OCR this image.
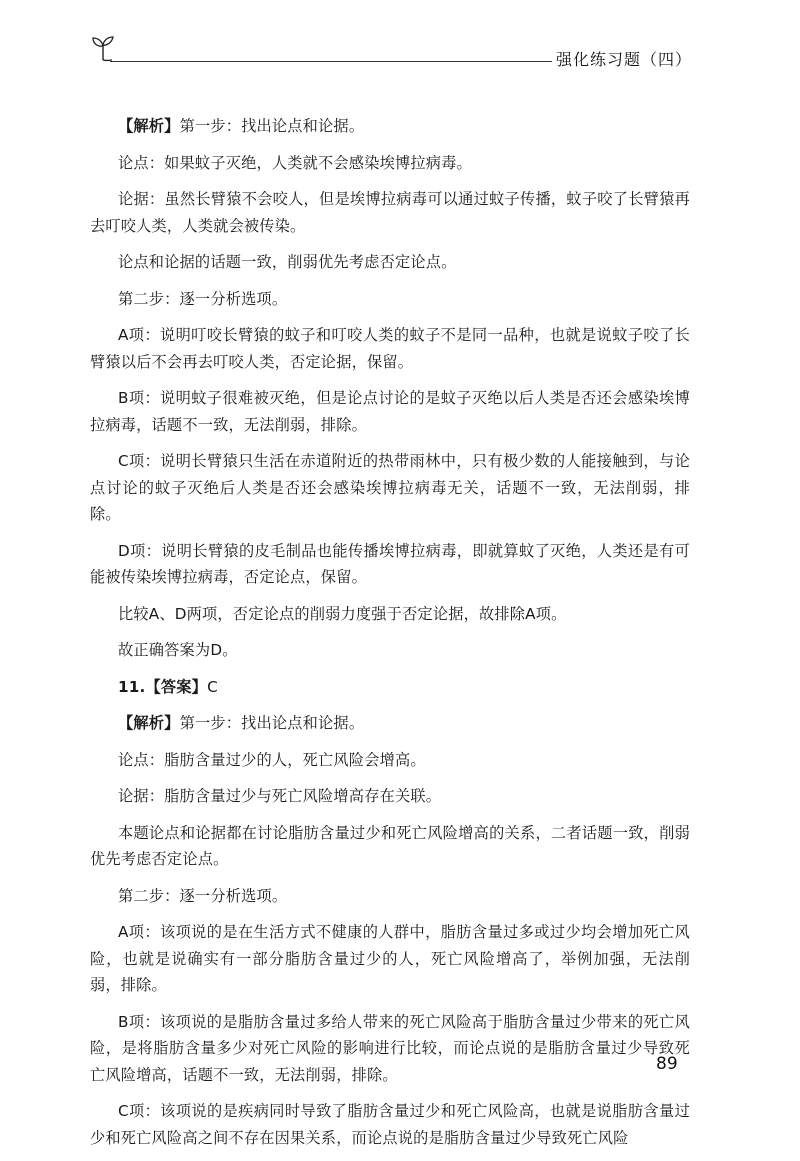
强化练习题（四）

【解析】第一步：找出论点和论据。

论点：如果蚊子灭绝，人类就不会感染埃博拉病毒。

论据：虽然长臂猿不会咬人，但是埃博拉病毒可以通过蚊子传播，蚊子咬了长臂猿再去叮咬人类，人类就会被传染。

论点和论据的话题一致，削弱优先考虑否定论点。

第二步：逐一分析选项。

A项：说明叮咬长臂猿的蚊子和叮咬人类的蚊子不是同一品种，也就是说蚊子咬了长臂猿以后不会再去叮咬人类，否定论据，保留。

B项：说明蚊子很难被灭绝，但是论点讨论的是蚊子灭绝以后人类是否还会感染埃博拉病毒，话题不一致，无法削弱，排除。

C项：说明长臂猿只生活在赤道附近的热带雨林中，只有极少数的人能接触到，与论点讨论的蚊子灭绝后人类是否还会感染埃博拉病毒无关，话题不一致，无法削弱，排除。

D项：说明长臂猿的皮毛制品也能传播埃博拉病毒，即就算蚊了灭绝，人类还是有可能被传染埃博拉病毒，否定论点，保留。

比较A、D两项，否定论点的削弱力度强于否定论据，故排除A项。

故正确答案为D。

11.【答案】C

【解析】第一步：找出论点和论据。

论点：脂肪含量过少的人，死亡风险会增高。

论据：脂肪含量过少与死亡风险增高存在关联。

本题论点和论据都在讨论脂肪含量过少和死亡风险增高的关系，二者话题一致，削弱优先考虑否定论点。

第二步：逐一分析选项。

A项：该项说的是在生活方式不健康的人群中，脂肪含量过多或过少均会增加死亡风险，也就是说确实有一部分脂肪含量过少的人，死亡风险增高了，举例加强，无法削弱，排除。

B项：该项说的是脂肪含量过多给人带来的死亡风险高于脂肪含量过少带来的死亡风险，是将脂肪含量多少对死亡风险的影响进行比较，而论点说的是脂肪含量过少导致死亡风险增高，话题不一致，无法削弱，排除。

C项：该项说的是疾病同时导致了脂肪含量过少和死亡风险高，也就是说脂肪含量过少和死亡风险高之间不存在因果关系，而论点说的是脂肪含量过少导致死亡风险

89
